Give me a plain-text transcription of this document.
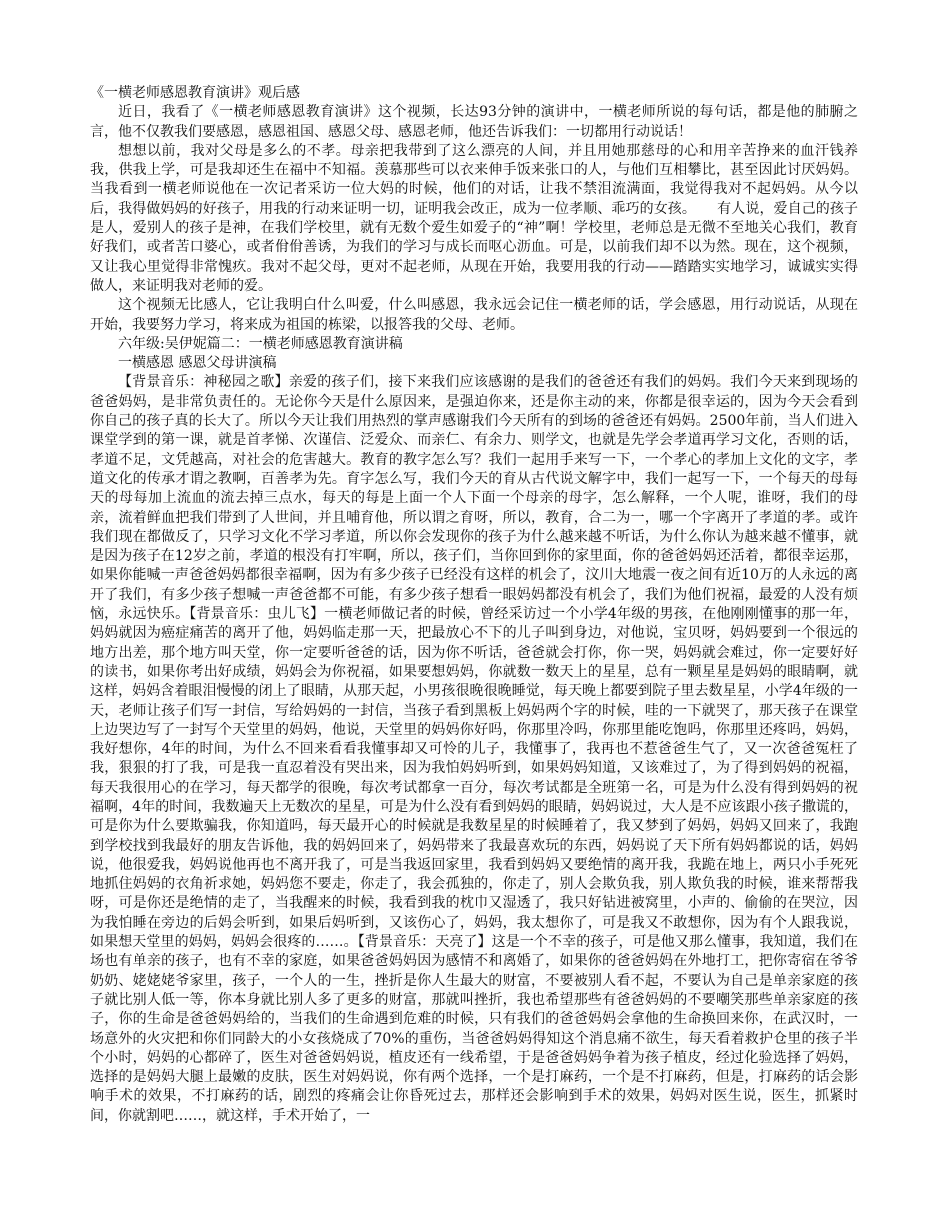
《一横老师感恩教育演讲》观后感

近日，我看了《一横老师感恩教育演讲》这个视频，长达93分钟的演讲中，一横老师所说的每句话，都是他的肺腑之言，他不仅教我们要感恩，感恩祖国、感恩父母、感恩老师，他还告诉我们：一切都用行动说话！

想想以前，我对父母是多么的不孝。母亲把我带到了这么漂亮的人间，并且用她那慈母的心和用辛苦挣来的血汗钱养我，供我上学，可是我却还生在福中不知福。羡慕那些可以衣来伸手饭来张口的人，与他们互相攀比，甚至因此讨厌妈妈。当我看到一横老师说他在一次记者采访一位大妈的时候，他们的对话，让我不禁泪流满面，我觉得我对不起妈妈。从今以后，我得做妈妈的好孩子，用我的行动来证明一切，证明我会改正，成为一位孝顺、乖巧的女孩。　　有人说，爱自己的孩子是人，爱别人的孩子是神，在我们学校里，就有无数个爱生如爱子的“神”啊！学校里，老师总是无微不至地关心我们，教育好我们，或者苦口婆心，或者佾佾善诱，为我们的学习与成长而呕心沥血。可是，以前我们却不以为然。现在，这个视频，又让我心里觉得非常愧疚。我对不起父母，更对不起老师，从现在开始，我要用我的行动——踏踏实实地学习，诚诚实实得做人，来证明我对老师的爱。

这个视频无比感人，它让我明白什么叫爱，什么叫感恩，我永远会记住一横老师的话，学会感恩，用行动说话，从现在开始，我要努力学习，将来成为祖国的栋梁，以报答我的父母、老师。

六年级:吴伊妮篇二：一横老师感恩教育演讲稿

一横感恩 感恩父母讲演稿

【背景音乐：神秘园之歌】亲爱的孩子们，接下来我们应该感谢的是我们的爸爸还有我们的妈妈。我们今天来到现场的爸爸妈妈，是非常负责任的。无论你今天是什么原因来，是强迫你来，还是你主动的来，你都是很幸运的，因为今天会看到你自己的孩子真的长大了。所以今天让我们用热烈的掌声感谢我们今天所有的到场的爸爸还有妈妈。2500年前，当人们进入课堂学到的第一课，就是首孝悌、次谨信、泛爱众、而亲仁、有余力、则学文，也就是先学会孝道再学习文化，否则的话，孝道不足，文凭越高，对社会的危害越大。教育的教字怎么写？我们一起用手来写一下，一个孝心的孝加上文化的文字，孝道文化的传承才谓之教啊，百善孝为先。育字怎么写，我们今天的育从古代说文解字中，我们一起写一下，一个每天的母每天的母每加上流血的流去掉三点水，每天的每是上面一个人下面一个母亲的母字，怎么解释，一个人呢，谁呀，我们的母亲，流着鲜血把我们带到了人世间，并且哺育他，所以谓之育呀，所以，教育，合二为一，哪一个字离开了孝道的孝。或许我们现在都做反了，只学习文化不学习孝道，所以你会发现你的孩子为什么越来越不听话，为什么你认为越来越不懂事，就是因为孩子在12岁之前，孝道的根没有打牢啊，所以，孩子们，当你回到你的家里面，你的爸爸妈妈还活着，都很幸运那，如果你能喊一声爸爸妈妈都很幸福啊，因为有多少孩子已经没有这样的机会了，汶川大地震一夜之间有近10万的人永远的离开了我们，有多少孩子想喊一声爸爸都不可能，有多少孩子想看一眼妈妈都没有机会了，我们为他们祝福，最爱的人没有烦恼，永远快乐。【背景音乐：虫儿飞】一横老师做记者的时候，曾经采访过一个小学4年级的男孩，在他刚刚懂事的那一年，妈妈就因为癌症痛苦的离开了他，妈妈临走那一天，把最放心不下的儿子叫到身边，对他说，宝贝呀，妈妈要到一个很远的地方出差，那个地方叫天堂，你一定要听爸爸的话，因为你不听话，爸爸就会打你，你一哭，妈妈就会难过，你一定要好好的读书，如果你考出好成绩，妈妈会为你祝福，如果要想妈妈，你就数一数天上的星星，总有一颗星星是妈妈的眼睛啊，就这样，妈妈含着眼泪慢慢的闭上了眼睛，从那天起，小男孩很晚很晚睡觉，每天晚上都要到院子里去数星星，小学4年级的一天，老师让孩子们写一封信，写给妈妈的一封信，当孩子看到黑板上妈妈两个字的时候，哇的一下就哭了，那天孩子在课堂上边哭边写了一封写个天堂里的妈妈，他说，天堂里的妈妈你好吗，你那里冷吗，你那里能吃饱吗，你那里还疼吗，妈妈，我好想你，4年的时间，为什么不回来看看我懂事却又可怜的儿子，我懂事了，我再也不惹爸爸生气了，又一次爸爸冤枉了我，狠狠的打了我，可是我一直忍着没有哭出来，因为我怕妈妈听到，如果妈妈知道，又该难过了，为了得到妈妈的祝福，每天我很用心的在学习，每天都学的很晚，每次考试都拿一百分，每次考试都是全班第一名，可是为什么没有得到妈妈的祝福啊，4年的时间，我数遍天上无数次的星星，可是为什么没有看到妈妈的眼睛，妈妈说过，大人是不应该跟小孩子撒谎的，可是你为什么要欺骗我，你知道吗，每天最开心的时候就是我数星星的时候睡着了，我又梦到了妈妈，妈妈又回来了，我跑到学校找到我最好的朋友告诉他，我的妈妈回来了，妈妈带来了我最喜欢玩的东西，妈妈说了天下所有妈妈都说的话，妈妈说，他很爱我，妈妈说他再也不离开我了，可是当我返回家里，我看到妈妈又要绝情的离开我，我跪在地上，两只小手死死地抓住妈妈的衣角祈求她，妈妈您不要走，你走了，我会孤独的，你走了，别人会欺负我，别人欺负我的时候，谁来帮帮我呀，可是你还是绝情的走了，当我醒来的时候，我看到我的枕巾又湿透了，我只好钻进被窝里，小声的、偷偷的在哭泣，因为我怕睡在旁边的后妈会听到，如果后妈听到，又该伤心了，妈妈，我太想你了，可是我又不敢想你，因为有个人跟我说，如果想天堂里的妈妈，妈妈会很疼的……。【背景音乐：天亮了】这是一个不幸的孩子，可是他又那么懂事，我知道，我们在场也有单亲的孩子，也有不幸的家庭，如果爸爸妈妈因为感情不和离婚了，如果你的爸爸妈妈在外地打工，把你寄宿在爷爷奶奶、姥姥姥爷家里，孩子，一个人的一生，挫折是你人生最大的财富，不要被别人看不起，不要认为自己是单亲家庭的孩子就比别人低一等，你本身就比别人多了更多的财富，那就叫挫折，我也希望那些有爸爸妈妈的不要嘲笑那些单亲家庭的孩子，你的生命是爸爸妈妈给的，当我们的生命遇到危难的时候，只有我们的爸爸妈妈会拿他的生命换回来你，在武汉时，一场意外的火灾把和你们同龄大的小女孩烧成了70%的重伤，当爸爸妈妈得知这个消息痛不欲生，每天看着救护仓里的孩子半个小时，妈妈的心都碎了，医生对爸爸妈妈说，植皮还有一线希望，于是爸爸妈妈争着为孩子植皮，经过化验选择了妈妈，选择的是妈妈大腿上最嫩的皮肤，医生对妈妈说，你有两个选择，一个是打麻药，一个是不打麻药，但是，打麻药的话会影响手术的效果，不打麻药的话，剧烈的疼痛会让你昏死过去，那样还会影响到手术的效果，妈妈对医生说，医生，抓紧时间，你就割吧……，就这样，手术开始了，一
